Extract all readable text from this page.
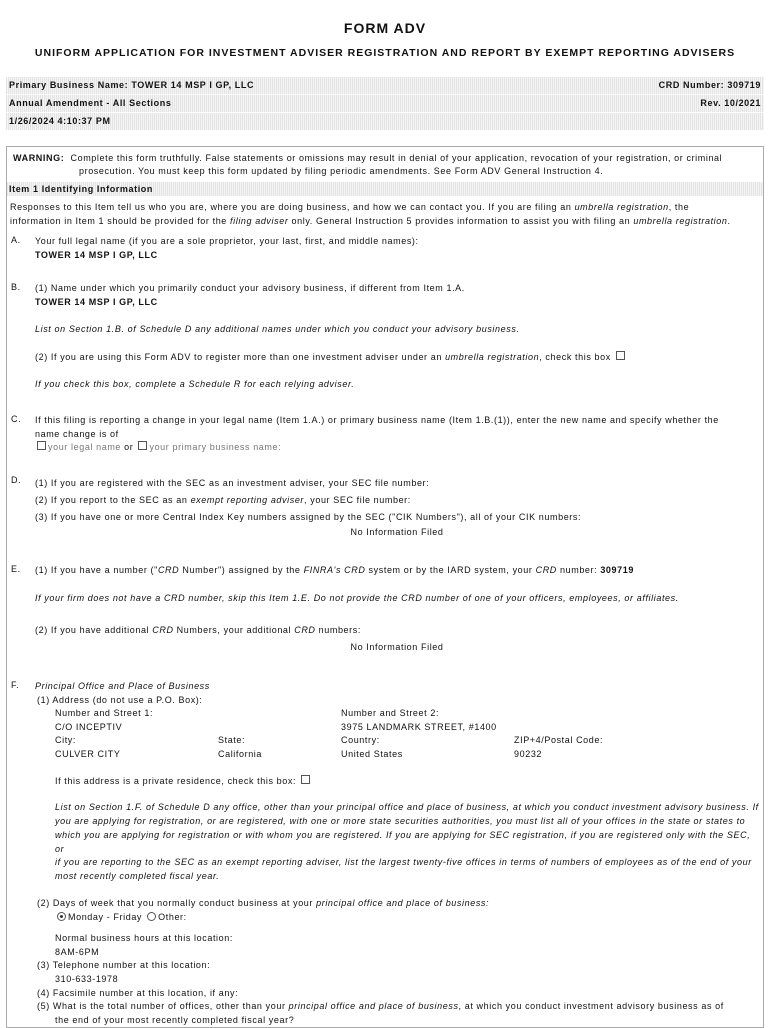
FORM ADV
UNIFORM APPLICATION FOR INVESTMENT ADVISER REGISTRATION AND REPORT BY EXEMPT REPORTING ADVISERS
Primary Business Name: TOWER 14 MSP I GP, LLC	CRD Number: 309719
Annual Amendment - All Sections	Rev. 10/2021
1/26/2024 4:10:37 PM
WARNING: Complete this form truthfully. False statements or omissions may result in denial of your application, revocation of your registration, or criminal
prosecution. You must keep this form updated by filing periodic amendments. See Form ADV General Instruction 4.
Item 1 Identifying Information
Responses to this Item tell us who you are, where you are doing business, and how we can contact you. If you are filing an umbrella registration, the
information in Item 1 should be provided for the filing adviser only. General Instruction 5 provides information to assist you with filing an umbrella registration.
A. Your full legal name (if you are a sole proprietor, your last, first, and middle names):
TOWER 14 MSP I GP, LLC
B. (1) Name under which you primarily conduct your advisory business, if different from Item 1.A.
TOWER 14 MSP I GP, LLC
List on Section 1.B. of Schedule D any additional names under which you conduct your advisory business.
(2) If you are using this Form ADV to register more than one investment adviser under an umbrella registration, check this box
If you check this box, complete a Schedule R for each relying adviser.
C. If this filing is reporting a change in your legal name (Item 1.A.) or primary business name (Item 1.B.(1)), enter the new name and specify whether the
name change is of
your legal name or your primary business name:
D. (1) If you are registered with the SEC as an investment adviser, your SEC file number:
(2) If you report to the SEC as an exempt reporting adviser, your SEC file number:
(3) If you have one or more Central Index Key numbers assigned by the SEC ("CIK Numbers"), all of your CIK numbers:
No Information Filed
E. (1) If you have a number ("CRD Number") assigned by the FINRA's CRD system or by the IARD system, your CRD number: 309719
If your firm does not have a CRD number, skip this Item 1.E. Do not provide the CRD number of one of your officers, employees, or affiliates.
(2) If you have additional CRD Numbers, your additional CRD numbers:
No Information Filed
F. Principal Office and Place of Business
(1) Address (do not use a P.O. Box):
Number and Street 1:	Number and Street 2:
C/O INCEPTIV	3975 LANDMARK STREET, #1400
City:	State:	Country:	ZIP+4/Postal Code:
CULVER CITY	California	United States	90232
If this address is a private residence, check this box:
List on Section 1.F. of Schedule D any office, other than your principal office and place of business, at which you conduct investment advisory business. If
you are applying for registration, or are registered, with one or more state securities authorities, you must list all of your offices in the state or states to
which you are applying for registration or with whom you are registered. If you are applying for SEC registration, if you are registered only with the SEC, or
if you are reporting to the SEC as an exempt reporting adviser, list the largest twenty-five offices in terms of numbers of employees as of the end of your
most recently completed fiscal year.
(2) Days of week that you normally conduct business at your principal office and place of business:
Monday - Friday Other:
Normal business hours at this location:
8AM-6PM
(3) Telephone number at this location:
310-633-1978
(4) Facsimile number at this location, if any:
(5) What is the total number of offices, other than your principal office and place of business, at which you conduct investment advisory business as of
the end of your most recently completed fiscal year?
